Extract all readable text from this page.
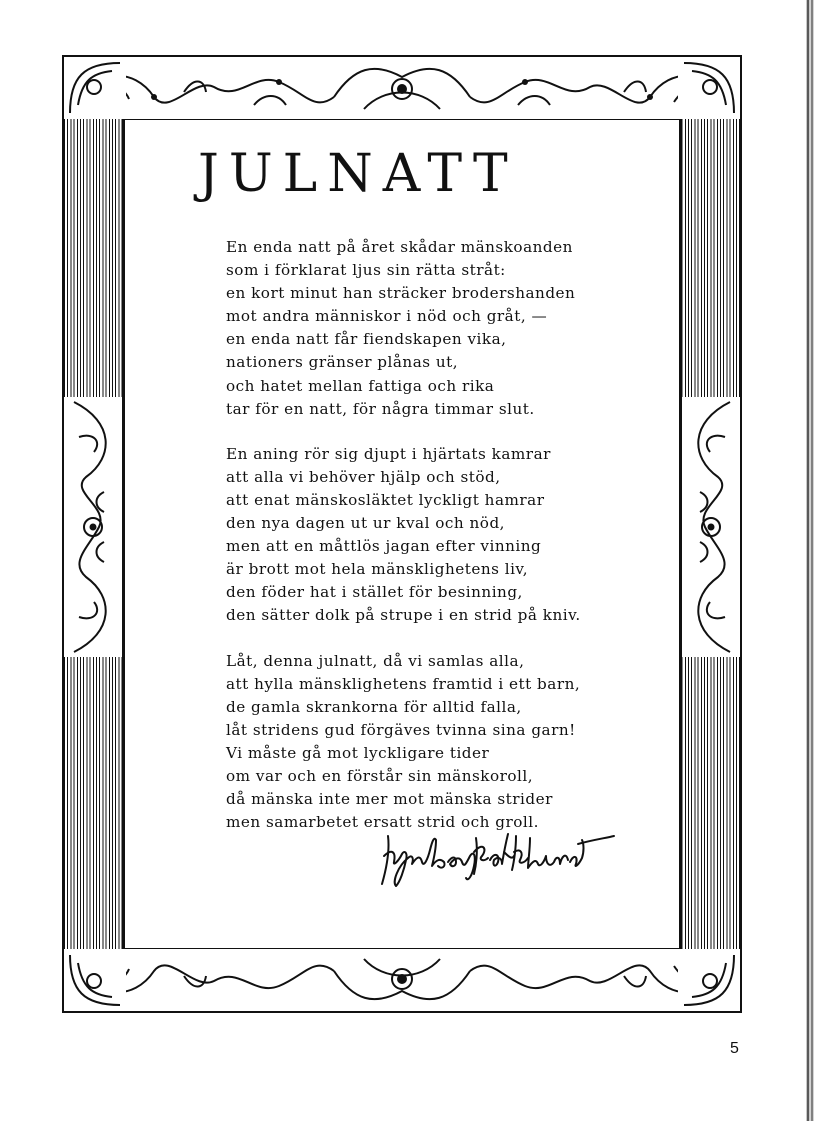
JULNATT

En enda natt på året skådar mänskoanden
som i förklarat ljus sin rätta stråt:
en kort minut han sträcker brodershanden
mot andra människor i nöd och gråt, —
en enda natt får fiendskapen vika,
nationers gränser plånas ut,
och hatet mellan fattiga och rika
tar för en natt, för några timmar slut.

En aning rör sig djupt i hjärtats kamrar
att alla vi behöver hjälp och stöd,
att enat mänskosläktet lyckligt hamrar
den nya dagen ut ur kval och nöd,
men att en måttlös jagan efter vinning
är brott mot hela mänsklighetens liv,
den föder hat i stället för besinning,
den sätter dolk på strupe i en strid på kniv.

Låt, denna julnatt, då vi samlas alla,
att hylla mänsklighetens framtid i ett barn,
de gamla skrankorna för alltid falla,
låt stridens gud förgäves tvinna sina garn!
Vi måste gå mot lyckligare tider
om var och en förstår sin mänskoroll,
då mänska inte mer mot mänska strider
men samarbetet ersatt strid och groll.

5
